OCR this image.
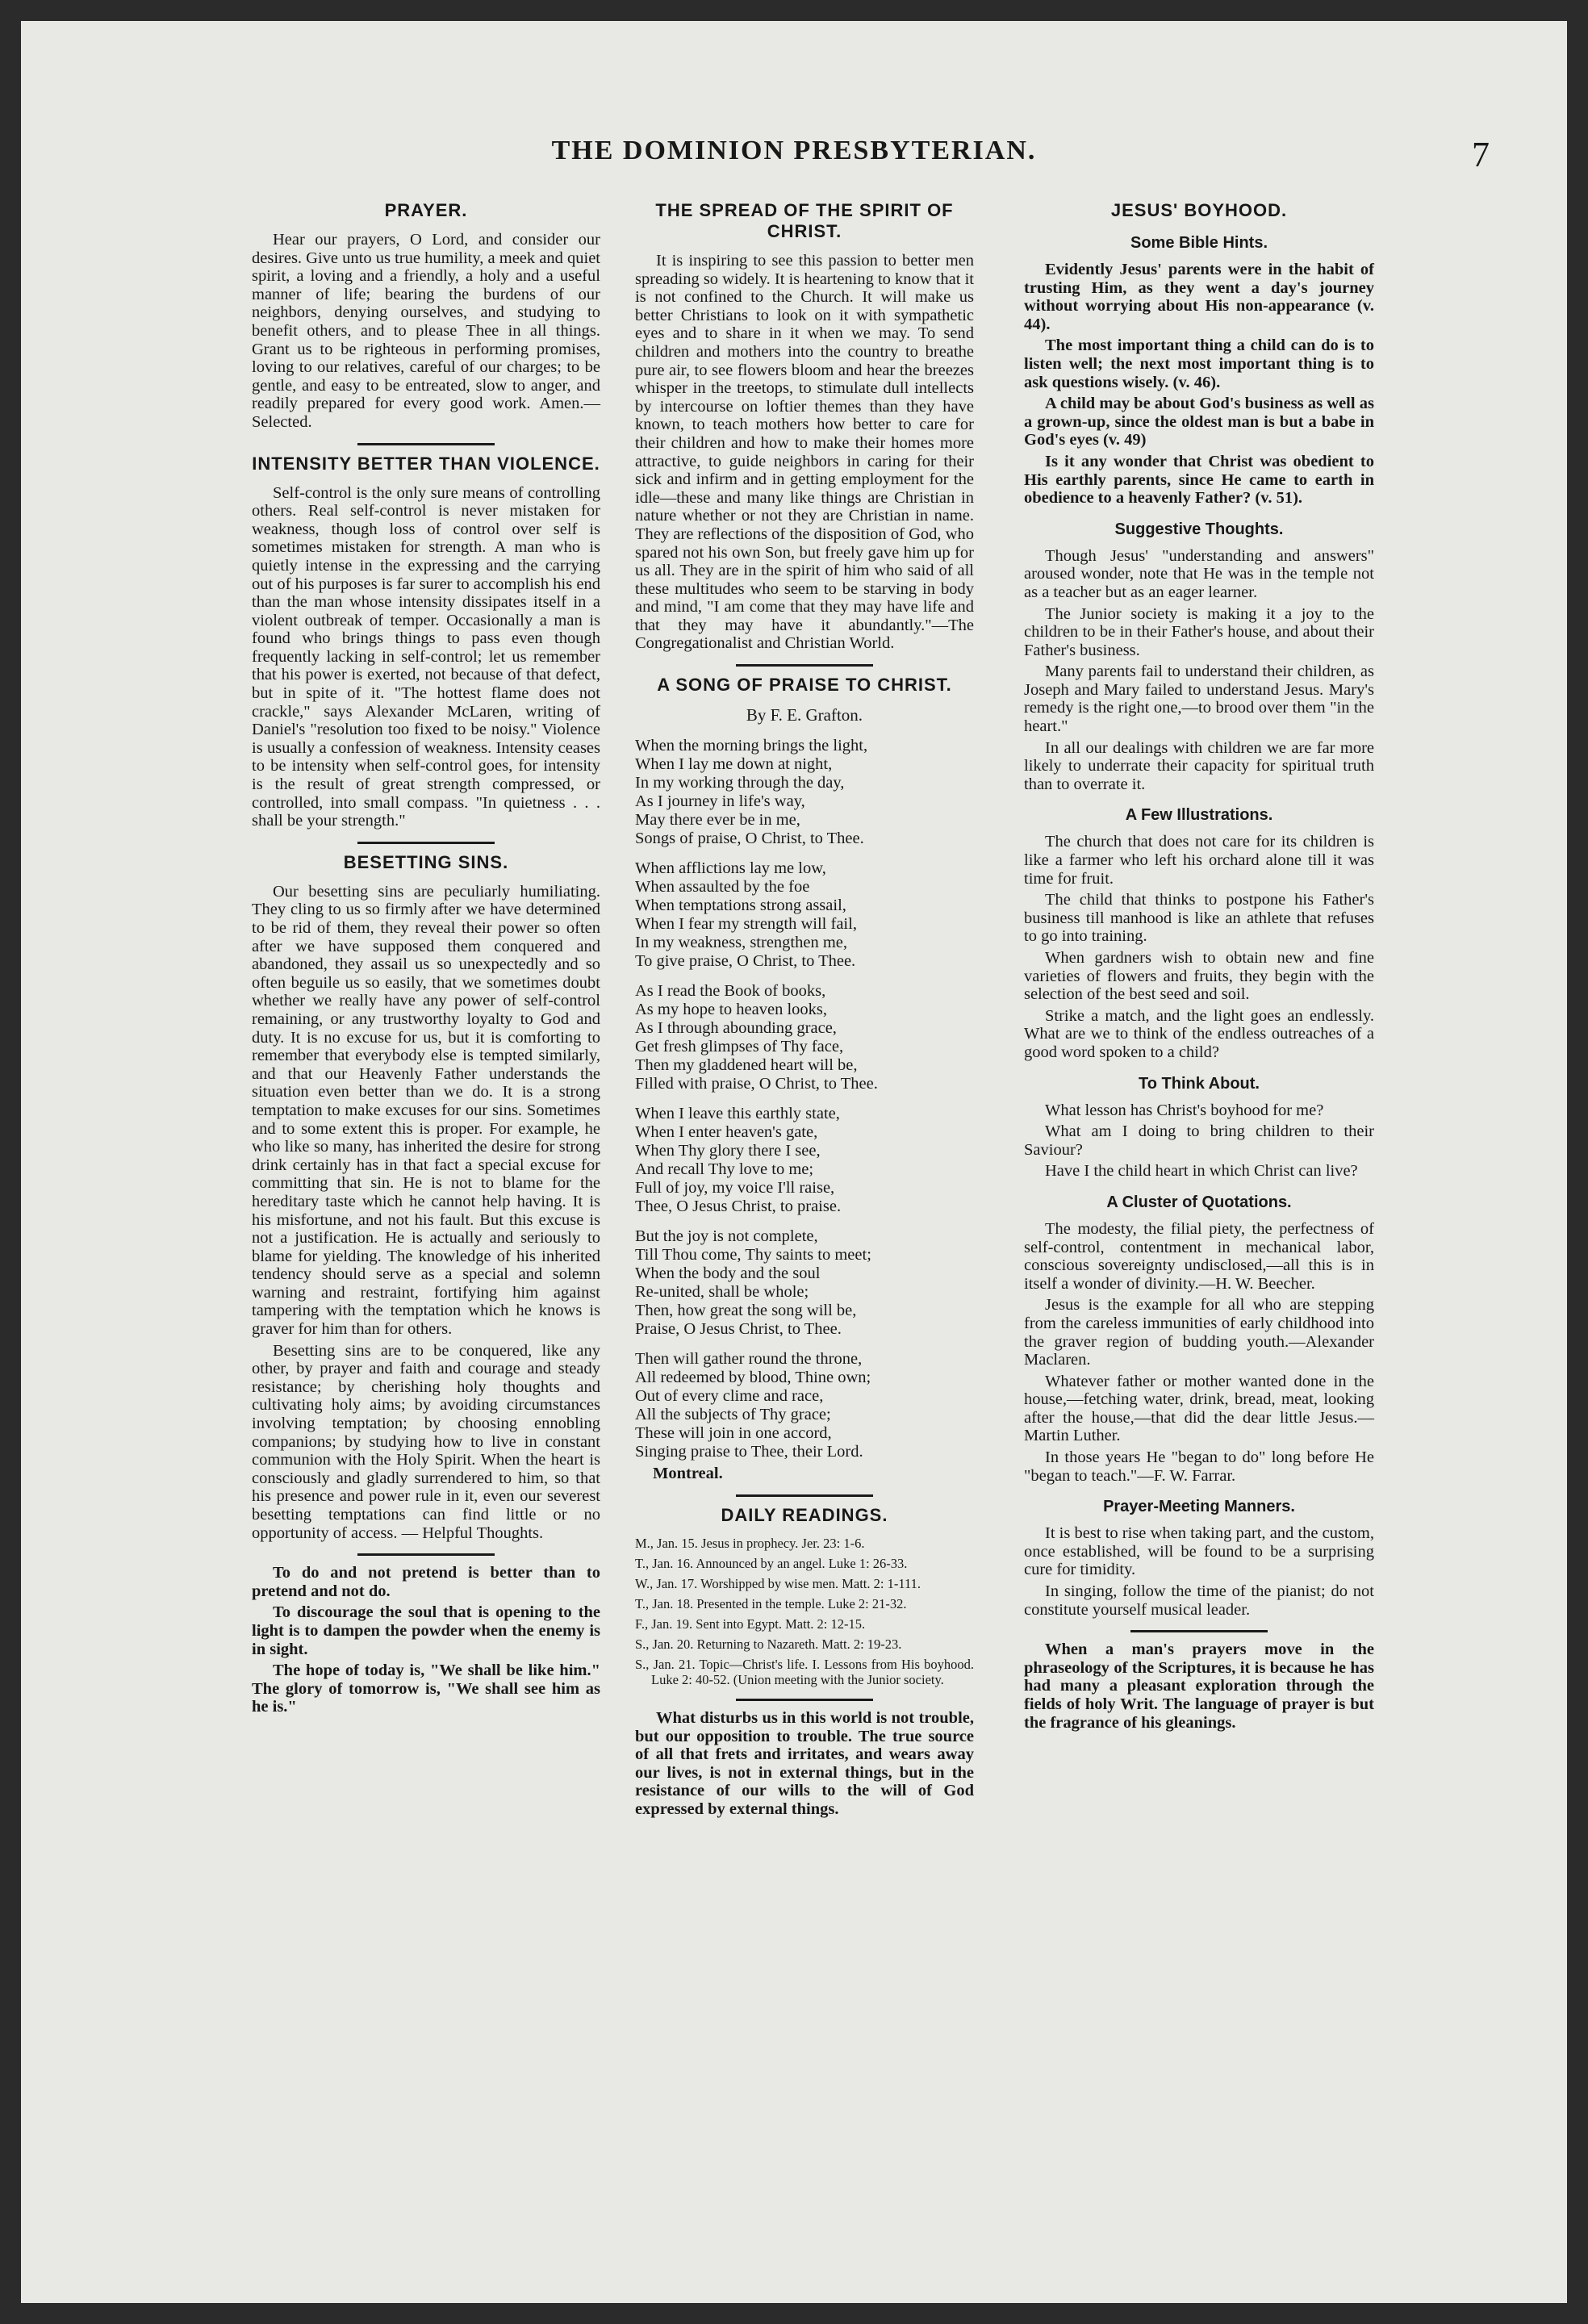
THE DOMINION PRESBYTERIAN.	7
PRAYER.

Hear our prayers, O Lord, and consider our desires. Give unto us true humility, a meek and quiet spirit, a loving and a friendly, a holy and a useful manner of life; bearing the burdens of our neighbors, denying ourselves, and studying to benefit others, and to please Thee in all things. Grant us to be righteous in performing promises, loving to our relatives, careful of our charges; to be gentle, and easy to be entreated, slow to anger, and readily prepared for every good work. Amen.—Selected.

INTENSITY BETTER THAN VIOLENCE.

Self-control is the only sure means of controlling others. Real self-control is never mistaken for weakness, though loss of control over self is sometimes mistaken for strength. A man who is quietly intense in the expressing and the carrying out of his purposes is far surer to accomplish his end than the man whose intensity dissipates itself in a violent outbreak of temper. Occasionally a man is found who brings things to pass even though frequently lacking in self-control; let us remember that his power is exerted, not because of that defect, but in spite of it. "The hottest flame does not crackle," says Alexander McLaren, writing of Daniel's "resolution too fixed to be noisy." Violence is usually a confession of weakness. Intensity ceases to be intensity when self-control goes, for intensity is the result of great strength compressed, or controlled, into small compass. "In quietness . . . shall be your strength."

BESETTING SINS.

Our besetting sins are peculiarly humiliating. They cling to us so firmly after we have determined to be rid of them, they reveal their power so often after we have supposed them conquered and abandoned, they assail us so unexpectedly and so often beguile us so easily, that we sometimes doubt whether we really have any power of self-control remaining, or any trustworthy loyalty to God and duty. It is no excuse for us, but it is comforting to remember that everybody else is tempted similarly, and that our Heavenly Father understands the situation even better than we do. It is a strong temptation to make excuses for our sins. Sometimes and to some extent this is proper. For example, he who like so many, has inherited the desire for strong drink certainly has in that fact a special excuse for committing that sin. He is not to blame for the hereditary taste which he cannot help having. It is his misfortune, and not his fault. But this excuse is not a justification. He is actually and seriously to blame for yielding. The knowledge of his inherited tendency should serve as a special and solemn warning and restraint, fortifying him against tampering with the temptation which he knows is graver for him than for others.

Besetting sins are to be conquered, like any other, by prayer and faith and courage and steady resistance; by cherishing holy thoughts and cultivating holy aims; by avoiding circumstances involving temptation; by choosing ennobling companions; by studying how to live in constant communion with the Holy Spirit. When the heart is consciously and gladly surrendered to him, so that his presence and power rule in it, even our severest besetting temptations can find little or no opportunity of access. — Helpful Thoughts.

To do and not pretend is better than to pretend and not do.

To discourage the soul that is opening to the light is to dampen the powder when the enemy is in sight.

The hope of today is, "We shall be like him." The glory of tomorrow is, "We shall see him as he is."

THE SPREAD OF THE SPIRIT OF CHRIST.

It is inspiring to see this passion to better men spreading so widely. It is heartening to know that it is not confined to the Church. It will make us better Christians to look on it with sympathetic eyes and to share in it when we may. To send children and mothers into the country to breathe pure air, to see flowers bloom and hear the breezes whisper in the treetops, to stimulate dull intellects by intercourse on loftier themes than they have known, to teach mothers how better to care for their children and how to make their homes more attractive, to guide neighbors in caring for their sick and infirm and in getting employment for the idle—these and many like things are Christian in nature whether or not they are Christian in name. They are reflections of the disposition of God, who spared not his own Son, but freely gave him up for us all. They are in the spirit of him who said of all these multitudes who seem to be starving in body and mind, "I am come that they may have life and that they may have it abundantly."—The Congregationalist and Christian World.

A SONG OF PRAISE TO CHRIST.
By F. E. Grafton.
When the morning brings the light,
When I lay me down at night,
In my working through the day,
As I journey in life's way,
May there ever be in me,
Songs of praise, O Christ, to Thee.
When afflictions lay me low,
When assaulted by the foe
When temptations strong assail,
When I fear my strength will fail,
In my weakness, strengthen me,
To give praise, O Christ, to Thee.
As I read the Book of books,
As my hope to heaven looks,
As I through abounding grace,
Get fresh glimpses of Thy face,
Then my gladdened heart will be,
Filled with praise, O Christ, to Thee.
When I leave this earthly state,
When I enter heaven's gate,
When Thy glory there I see,
And recall Thy love to me;
Full of joy, my voice I'll raise,
Thee, O Jesus Christ, to praise.
But the joy is not complete,
Till Thou come, Thy saints to meet;
When the body and the soul
Re-united, shall be whole;
Then, how great the song will be,
Praise, O Jesus Christ, to Thee.
Then will gather round the throne,
All redeemed by blood, Thine own;
Out of every clime and race,
All the subjects of Thy grace;
These will join in one accord,
Singing praise to Thee, their Lord.
Montreal.
DAILY READINGS.
M., Jan. 15. Jesus in prophecy. Jer. 23: 1-6.
T., Jan. 16. Announced by an angel. Luke 1: 26-33.
W., Jan. 17. Worshipped by wise men. Matt. 2: 1-111.
T., Jan. 18. Presented in the temple. Luke 2: 21-32.
F., Jan. 19. Sent into Egypt. Matt. 2: 12-15.
S., Jan. 20. Returning to Nazareth. Matt. 2: 19-23.
S., Jan. 21. Topic—Christ's life. I. Lessons from His boyhood. Luke 2: 40-52. (Union meeting with the Junior society.

What disturbs us in this world is not trouble, but our opposition to trouble. The true source of all that frets and irritates, and wears away our lives, is not in external things, but in the resistance of our wills to the will of God expressed by external things.

JESUS' BOYHOOD.
Some Bible Hints.

Evidently Jesus' parents were in the habit of trusting Him, as they went a day's journey without worrying about His non-appearance (v. 44).

The most important thing a child can do is to listen well; the next most important thing is to ask questions wisely. (v. 46).

A child may be about God's business as well as a grown-up, since the oldest man is but a babe in God's eyes (v. 49)

Is it any wonder that Christ was obedient to His earthly parents, since He came to earth in obedience to a heavenly Father? (v. 51).

Suggestive Thoughts.

Though Jesus' "understanding and answers" aroused wonder, note that He was in the temple not as a teacher but as an eager learner.

The Junior society is making it a joy to the children to be in their Father's house, and about their Father's business.

Many parents fail to understand their children, as Joseph and Mary failed to understand Jesus. Mary's remedy is the right one,—to brood over them "in the heart."

In all our dealings with children we are far more likely to underrate their capacity for spiritual truth than to overrate it.

A Few Illustrations.

The church that does not care for its children is like a farmer who left his orchard alone till it was time for fruit.

The child that thinks to postpone his Father's business till manhood is like an athlete that refuses to go into training.

When gardners wish to obtain new and fine varieties of flowers and fruits, they begin with the selection of the best seed and soil.

Strike a match, and the light goes an endlessly. What are we to think of the endless outreaches of a good word spoken to a child?

To Think About.

What lesson has Christ's boyhood for me?

What am I doing to bring children to their Saviour?

Have I the child heart in which Christ can live?

A Cluster of Quotations.

The modesty, the filial piety, the perfectness of self-control, contentment in mechanical labor, conscious sovereignty undisclosed,—all this is in itself a wonder of divinity.—H. W. Beecher.

Jesus is the example for all who are stepping from the careless immunities of early childhood into the graver region of budding youth.—Alexander Maclaren.

Whatever father or mother wanted done in the house,—fetching water, drink, bread, meat, looking after the house,—that did the dear little Jesus.—Martin Luther.

In those years He "began to do" long before He "began to teach."—F. W. Farrar.

Prayer-Meeting Manners.

It is best to rise when taking part, and the custom, once established, will be found to be a surprising cure for timidity.

In singing, follow the time of the pianist; do not constitute yourself musical leader.

When a man's prayers move in the phraseology of the Scriptures, it is because he has had many a pleasant exploration through the fields of holy Writ. The language of prayer is but the fragrance of his gleanings.
